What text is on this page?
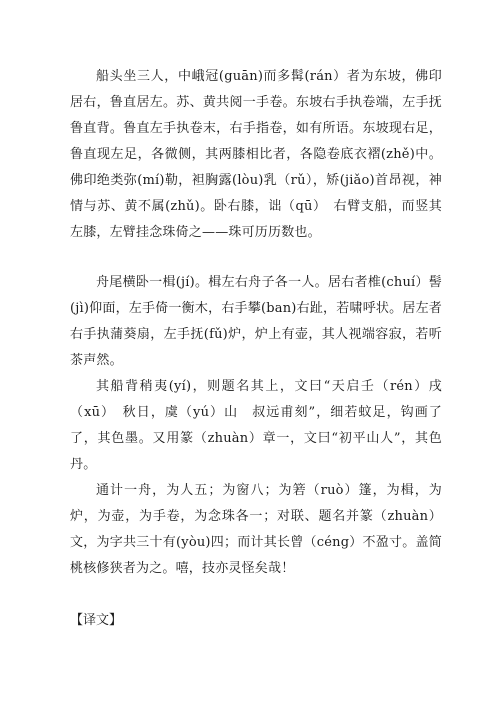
船头坐三人，中峨冠(guān)而多髯(rán）者为东坡，佛印居右，鲁直居左。苏、黄共阅一手卷。东坡右手执卷端，左手抚鲁直背。鲁直左手执卷末，右手指卷，如有所语。东坡现右足，鲁直现左足，各微侧，其两膝相比者，各隐卷底衣褶(zhě)中。佛印绝类弥(mí)勒，袒胸露(lòu)乳（rǔ），矫(jiǎo)首昂视，神情与苏、黄不属(zhǔ)。卧右膝，诎（qū）　右臂支船，而竖其左膝，左臂挂念珠倚之——珠可历历数也。

舟尾横卧一楫(jí)。楫左右舟子各一人。居右者椎(chuí）髻(jì)仰面，左手倚一衡木，右手攀(ban)右趾，若啸呼状。居左者右手执蒲葵扇，左手抚(fǔ)炉，炉上有壶，其人视端容寂，若听茶声然。

其船背稍夷(yí)，则题名其上，文曰“天启壬（rén）戌（xū）　秋日，虞（yú）山　叔远甫刻”，细若蚊足，钩画了了，其色墨。又用篆（zhuàn）章一，文曰“初平山人”，其色丹。

通计一舟，为人五；为窗八；为箬（ruò）篷，为楫，为炉，为壶，为手卷，为念珠各一；对联、题名并篆（zhuàn）文，为字共三十有(yòu)四；而计其长曾（céng）不盈寸。盖简桃核修狭者为之。嘻，技亦灵怪矣哉！

【译文】
